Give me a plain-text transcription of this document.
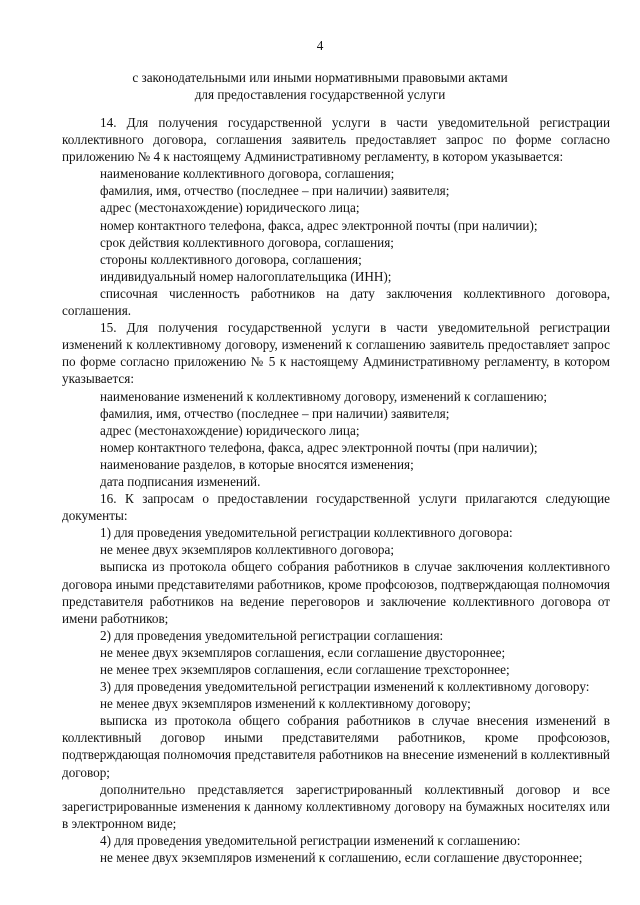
4
с законодательными или иными нормативными правовыми актами
для предоставления государственной услуги

14. Для получения государственной услуги в части уведомительной регистрации коллективного договора, соглашения заявитель предоставляет запрос по форме согласно приложению № 4 к настоящему Административному регламенту, в котором указывается:

наименование коллективного договора, соглашения;

фамилия, имя, отчество (последнее – при наличии) заявителя;

адрес (местонахождение) юридического лица;

номер контактного телефона, факса, адрес электронной почты (при наличии);

срок действия коллективного договора, соглашения;

стороны коллективного договора, соглашения;

индивидуальный номер налогоплательщика (ИНН);

списочная численность работников на дату заключения коллективного договора, соглашения.

15. Для получения государственной услуги в части уведомительной регистрации изменений к коллективному договору, изменений к соглашению заявитель предоставляет запрос по форме согласно приложению № 5 к настоящему Административному регламенту, в котором указывается:

наименование изменений к коллективному договору, изменений к соглашению;

фамилия, имя, отчество (последнее – при наличии) заявителя;

адрес (местонахождение) юридического лица;

номер контактного телефона, факса, адрес электронной почты (при наличии);

наименование разделов, в которые вносятся изменения;

дата подписания изменений.

16. К запросам о предоставлении государственной услуги прилагаются следующие документы:

1) для проведения уведомительной регистрации коллективного договора:

не менее двух экземпляров коллективного договора;

выписка из протокола общего собрания работников в случае заключения коллективного договора иными представителями работников, кроме профсоюзов, подтверждающая полномочия представителя работников на ведение переговоров и заключение коллективного договора от имени работников;

2) для проведения уведомительной регистрации соглашения:

не менее двух экземпляров соглашения, если соглашение двустороннее;

не менее трех экземпляров соглашения, если соглашение трехстороннее;

3) для проведения уведомительной регистрации изменений к коллективному договору:

не менее двух экземпляров изменений к коллективному договору;

выписка из протокола общего собрания работников в случае внесения изменений в коллективный договор иными представителями работников, кроме профсоюзов, подтверждающая полномочия представителя работников на внесение изменений в коллективный договор;

дополнительно представляется зарегистрированный коллективный договор и все зарегистрированные изменения к данному коллективному договору на бумажных носителях или в электронном виде;

4) для проведения уведомительной регистрации изменений к соглашению:

не менее двух экземпляров изменений к соглашению, если соглашение двустороннее;
